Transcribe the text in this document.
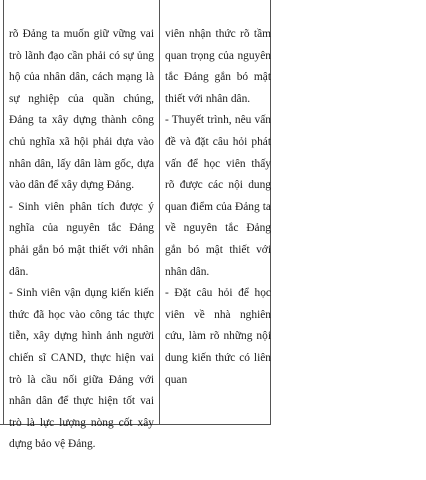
rõ Đảng ta muốn giữ vững vai trò lãnh đạo cần phải có sự ủng hộ của nhân dân, cách mạng là sự nghiệp của quần chúng, Đảng ta xây dựng thành công chủ nghĩa xã hội phải dựa vào nhân dân, lấy dân làm gốc, dựa vào dân để xây dựng Đảng.

- Sinh viên phân tích được ý nghĩa của nguyên tắc Đảng phải gắn bó mật thiết với nhân dân.

- Sinh viên vận dụng kiến kiến thức đã học vào công tác thực tiễn, xây dựng hình ảnh người chiến sĩ CAND, thực hiện vai trò là cầu nối giữa Đảng với nhân dân để thực hiện tốt vai trò là lực lượng nòng cốt xây dựng bảo vệ Đảng.

viên nhận thức rõ tầm quan trọng của nguyên tắc Đảng gắn bó mật thiết với nhân dân.

- Thuyết trình, nêu vấn đề và đặt câu hỏi phát vấn để học viên thấy rõ được các nội dung quan điểm của Đảng ta về nguyên tắc Đảng gắn bó mật thiết với nhân dân.

- Đặt câu hỏi để học viên về nhà nghiên cứu, làm rõ những nội dung kiến thức có liên quan
